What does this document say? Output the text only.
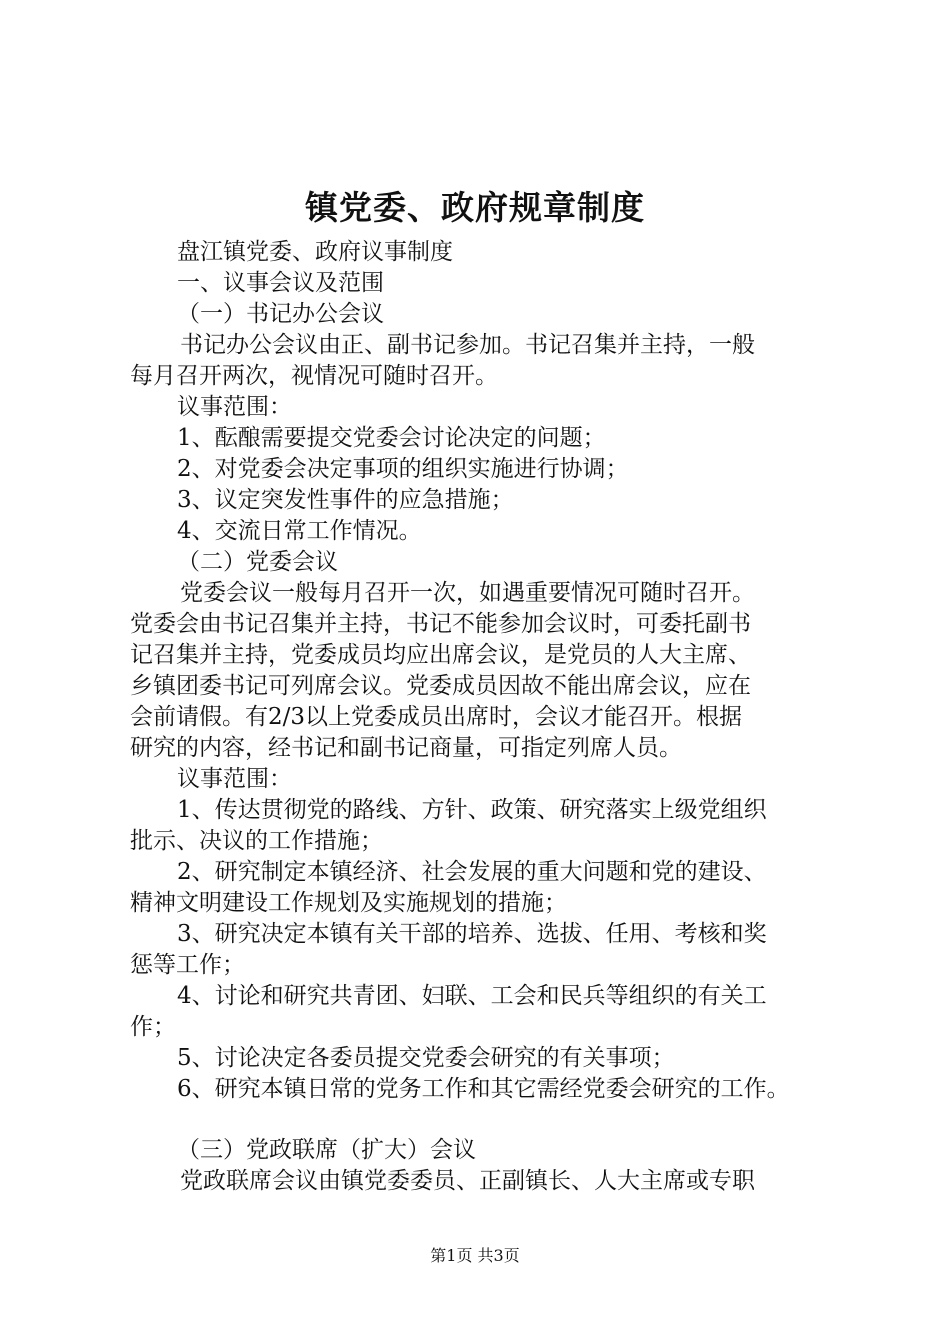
镇党委、政府规章制度
盘江镇党委、政府议事制度
一、议事会议及范围
（一）书记办公会议
书记办公会议由正、副书记参加。书记召集并主持，一般
每月召开两次，视情况可随时召开。
议事范围：
1、酝酿需要提交党委会讨论决定的问题；
2、对党委会决定事项的组织实施进行协调；
3、议定突发性事件的应急措施；
4、交流日常工作情况。
（二）党委会议
党委会议一般每月召开一次，如遇重要情况可随时召开。
党委会由书记召集并主持，书记不能参加会议时，可委托副书
记召集并主持，党委成员均应出席会议，是党员的人大主席、
乡镇团委书记可列席会议。党委成员因故不能出席会议，应在
会前请假。有2/3以上党委成员出席时，会议才能召开。根据
研究的内容，经书记和副书记商量，可指定列席人员。
议事范围：
1、传达贯彻党的路线、方针、政策、研究落实上级党组织
批示、决议的工作措施；
2、研究制定本镇经济、社会发展的重大问题和党的建设、
精神文明建设工作规划及实施规划的措施；
3、研究决定本镇有关干部的培养、选拔、任用、考核和奖
惩等工作；
4、讨论和研究共青团、妇联、工会和民兵等组织的有关工
作；
5、讨论决定各委员提交党委会研究的有关事项；
6、研究本镇日常的党务工作和其它需经党委会研究的工作。
（三）党政联席（扩大）会议
党政联席会议由镇党委委员、正副镇长、人大主席或专职
第1页 共3页
